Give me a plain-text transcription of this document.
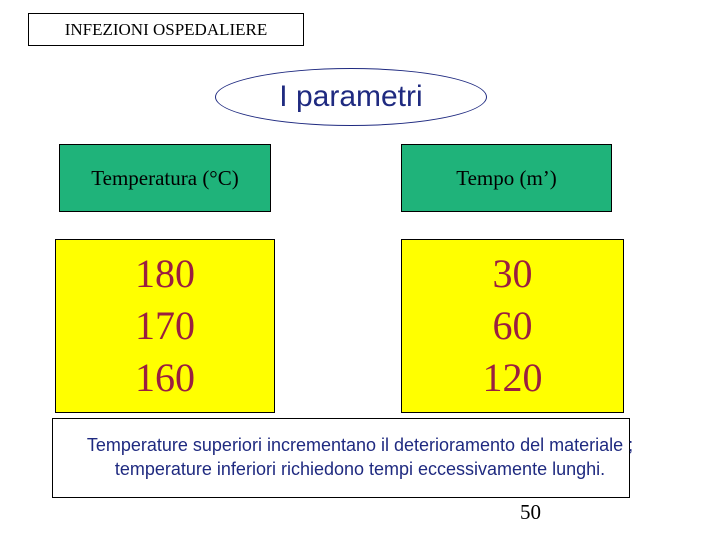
INFEZIONI OSPEDALIERE
I parametri
Temperatura (°C)	Tempo (m’)
180
170
160
30
60
120
Temperature superiori incrementano il deterioramento del materiale ;
temperature inferiori richiedono tempi eccessivamente lunghi.
50
